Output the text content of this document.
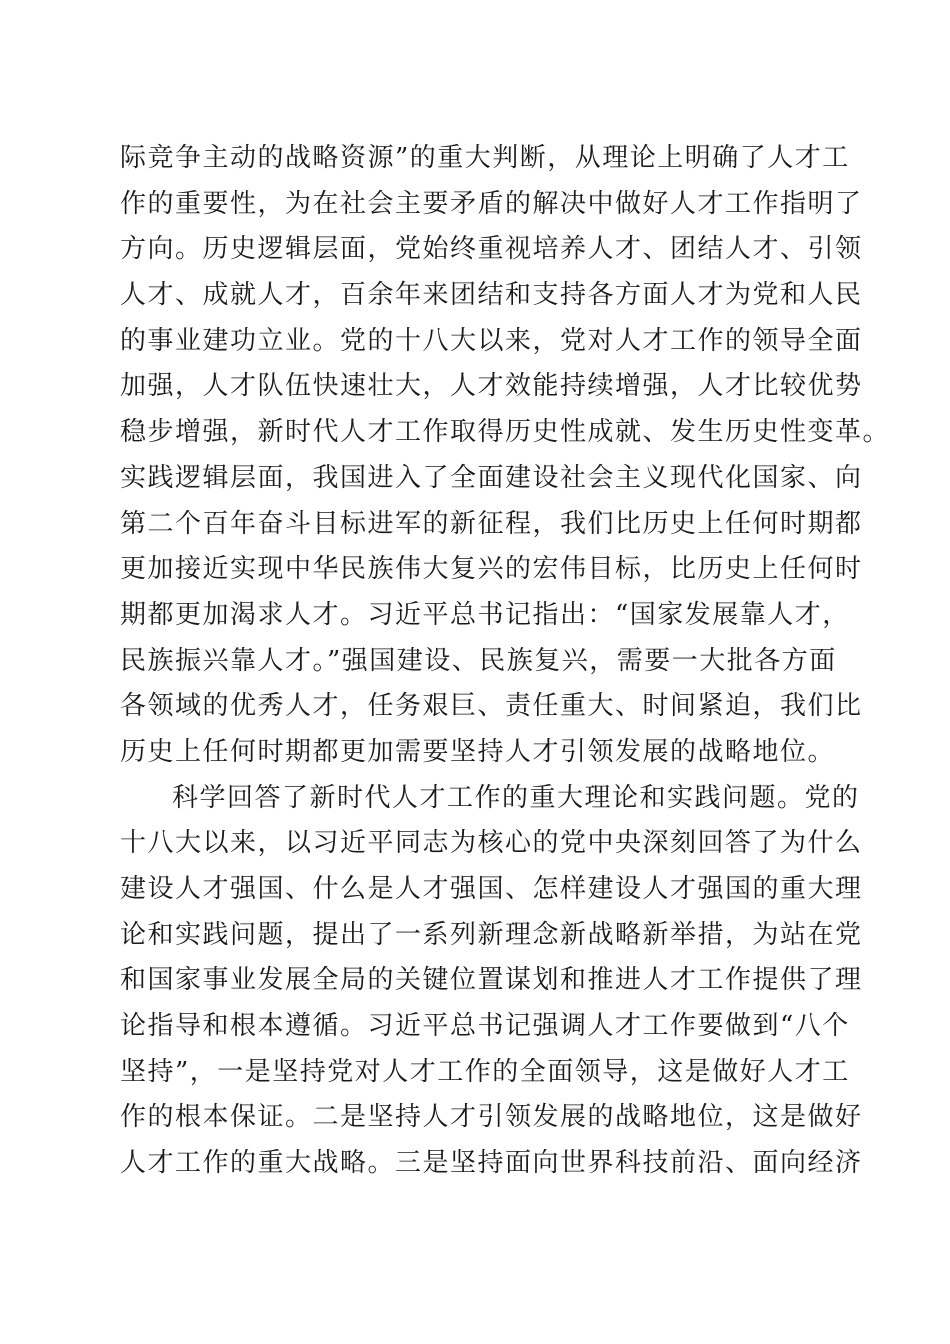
际竞争主动的战略资源”的重大判断，从理论上明确了人才工
作的重要性，为在社会主要矛盾的解决中做好人才工作指明了
方向。历史逻辑层面，党始终重视培养人才、团结人才、引领
人才、成就人才，百余年来团结和支持各方面人才为党和人民
的事业建功立业。党的十八大以来，党对人才工作的领导全面
加强，人才队伍快速壮大，人才效能持续增强，人才比较优势
稳步增强，新时代人才工作取得历史性成就、发生历史性变革。
实践逻辑层面，我国进入了全面建设社会主义现代化国家、向
第二个百年奋斗目标进军的新征程，我们比历史上任何时期都
更加接近实现中华民族伟大复兴的宏伟目标，比历史上任何时
期都更加渴求人才。习近平总书记指出：“国家发展靠人才，
民族振兴靠人才。”强国建设、民族复兴，需要一大批各方面
各领域的优秀人才，任务艰巨、责任重大、时间紧迫，我们比
历史上任何时期都更加需要坚持人才引领发展的战略地位。
科学回答了新时代人才工作的重大理论和实践问题。党的
十八大以来，以习近平同志为核心的党中央深刻回答了为什么
建设人才强国、什么是人才强国、怎样建设人才强国的重大理
论和实践问题，提出了一系列新理念新战略新举措，为站在党
和国家事业发展全局的关键位置谋划和推进人才工作提供了理
论指导和根本遵循。习近平总书记强调人才工作要做到“八个
坚持”，一是坚持党对人才工作的全面领导，这是做好人才工
作的根本保证。二是坚持人才引领发展的战略地位，这是做好
人才工作的重大战略。三是坚持面向世界科技前沿、面向经济
